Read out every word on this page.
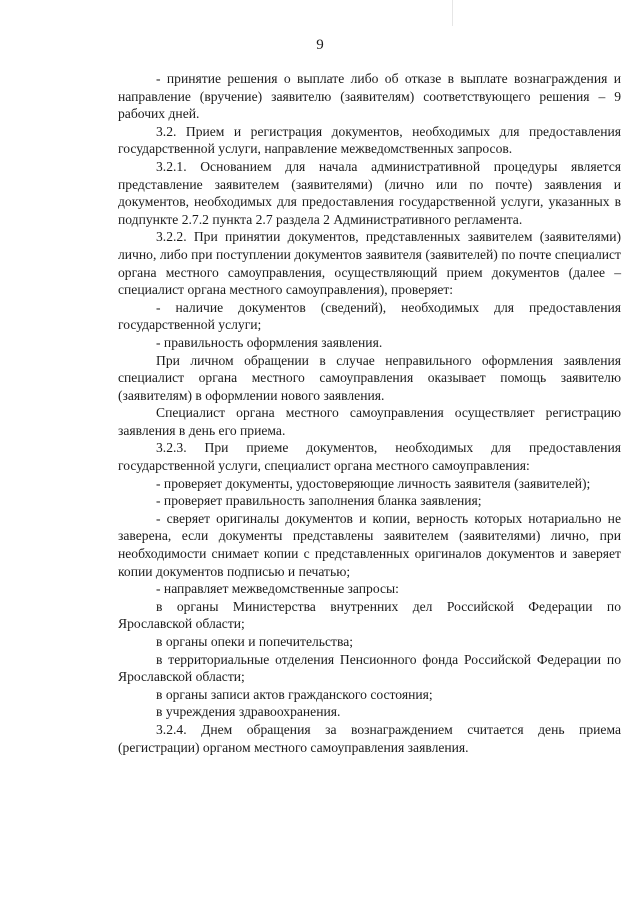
9

- принятие решения о выплате либо об отказе в выплате вознаграждения и направление (вручение) заявителю (заявителям) соответствующего решения – 9 рабочих дней.

3.2. Прием и регистрация документов, необходимых для предоставления государственной услуги, направление межведомственных запросов.

3.2.1. Основанием для начала административной процедуры является представление заявителем (заявителями) (лично или по почте) заявления и документов, необходимых для предоставления государственной услуги, указанных в подпункте 2.7.2 пункта 2.7 раздела 2 Административного регламента.

3.2.2. При принятии документов, представленных заявителем (заявителями) лично, либо при поступлении документов заявителя (заявителей) по почте специалист органа местного самоуправления, осуществляющий прием документов (далее – специалист органа местного самоуправления), проверяет:

- наличие документов (сведений), необходимых для предоставления государственной услуги;

- правильность оформления заявления.

При личном обращении в случае неправильного оформления заявления специалист органа местного самоуправления оказывает помощь заявителю (заявителям) в оформлении нового заявления.

Специалист органа местного самоуправления осуществляет регистрацию заявления в день его приема.

3.2.3. При приеме документов, необходимых для предоставления государственной услуги, специалист органа местного самоуправления:

- проверяет документы, удостоверяющие личность заявителя (заявителей);

- проверяет правильность заполнения бланка заявления;

- сверяет оригиналы документов и копии, верность которых нотариально не заверена, если документы представлены заявителем (заявителями) лично, при необходимости снимает копии с представленных оригиналов документов и заверяет копии документов подписью и печатью;

- направляет межведомственные запросы:

в органы Министерства внутренних дел Российской Федерации по Ярославской области;

в органы опеки и попечительства;

в территориальные отделения Пенсионного фонда Российской Федерации по Ярославской области;

в органы записи актов гражданского состояния;

в учреждения здравоохранения.

3.2.4. Днем обращения за вознаграждением считается день приема (регистрации) органом местного самоуправления заявления.
